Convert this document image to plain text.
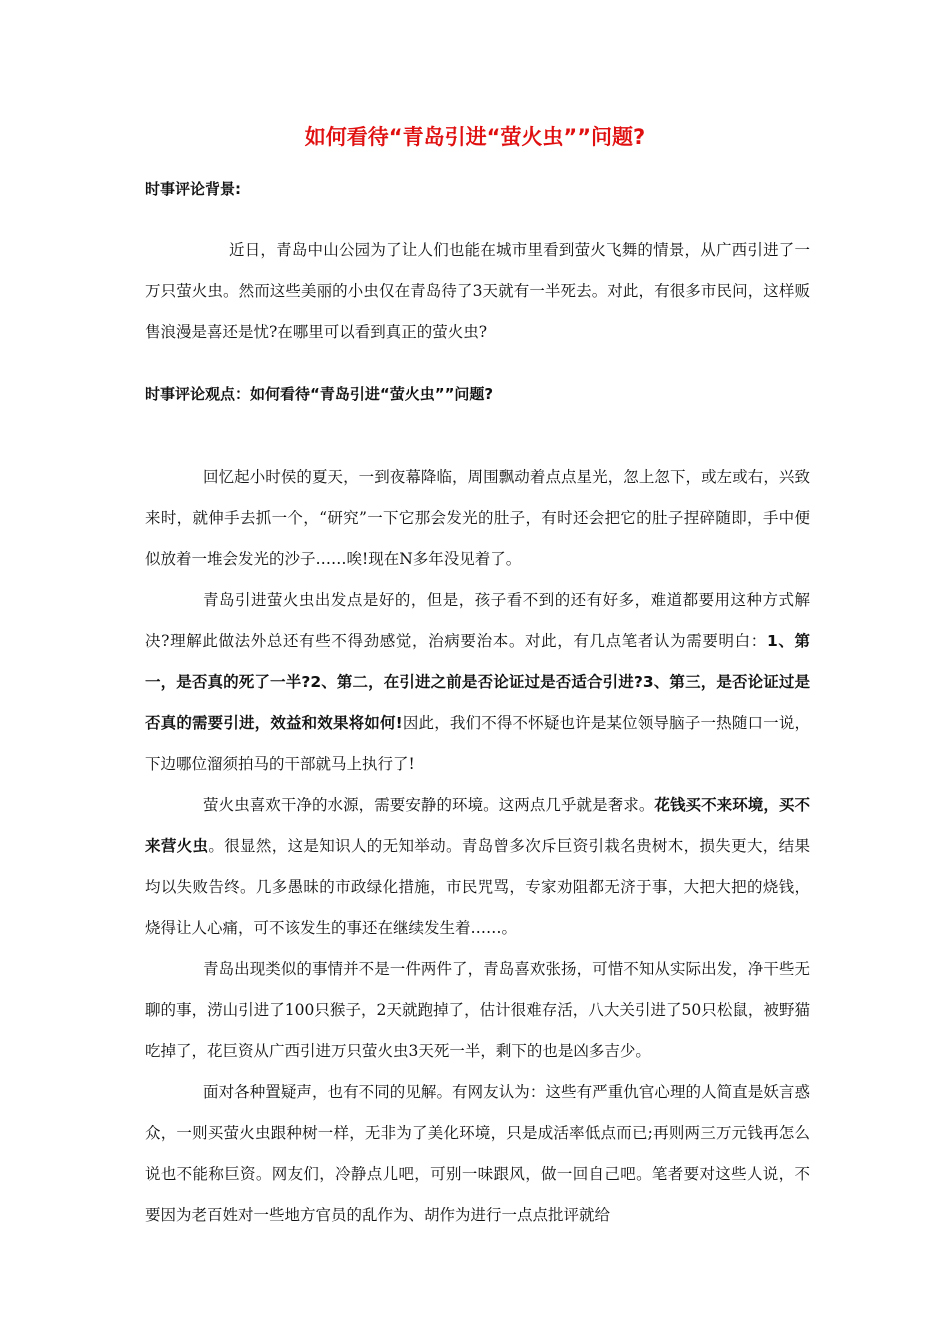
如何看待“青岛引进“萤火虫””问题?
时事评论背景:

近日，青岛中山公园为了让人们也能在城市里看到萤火飞舞的情景，从广西引进了一万只萤火虫。然而这些美丽的小虫仅在青岛待了3天就有一半死去。对此，有很多市民问，这样贩售浪漫是喜还是忧?在哪里可以看到真正的萤火虫?

时事评论观点：如何看待“青岛引进“萤火虫””问题?

回忆起小时侯的夏天，一到夜幕降临，周围飘动着点点星光，忽上忽下，或左或右，兴致来时，就伸手去抓一个，“研究”一下它那会发光的肚子，有时还会把它的肚子捏碎随即，手中便似放着一堆会发光的沙子……唉!现在N多年没见着了。

青岛引进萤火虫出发点是好的，但是，孩子看不到的还有好多，难道都要用这种方式解决?理解此做法外总还有些不得劲感觉，治病要治本。对此，有几点笔者认为需要明白：1、第一，是否真的死了一半?2、第二，在引进之前是否论证过是否适合引进?3、第三，是否论证过是否真的需要引进，效益和效果将如何!因此，我们不得不怀疑也许是某位领导脑子一热随口一说，下边哪位溜须拍马的干部就马上执行了!

萤火虫喜欢干净的水源，需要安静的环境。这两点几乎就是奢求。花钱买不来环境，买不来营火虫。很显然，这是知识人的无知举动。青岛曾多次斥巨资引栽名贵树木，损失更大，结果均以失败告终。几多愚昧的市政绿化措施，市民咒骂，专家劝阻都无济于事，大把大把的烧钱，烧得让人心痛，可不该发生的事还在继续发生着……。

青岛出现类似的事情并不是一件两件了，青岛喜欢张扬，可惜不知从实际出发，净干些无聊的事，涝山引进了100只猴子，2天就跑掉了，估计很难存活，八大关引进了50只松鼠，被野猫吃掉了，花巨资从广西引进万只萤火虫3天死一半，剩下的也是凶多吉少。

面对各种置疑声，也有不同的见解。有网友认为：这些有严重仇官心理的人简直是妖言惑众，一则买萤火虫跟种树一样，无非为了美化环境，只是成活率低点而已;再则两三万元钱再怎么说也不能称巨资。网友们，冷静点儿吧，可别一味跟风，做一回自己吧。笔者要对这些人说，不要因为老百姓对一些地方官员的乱作为、胡作为进行一点点批评就给
